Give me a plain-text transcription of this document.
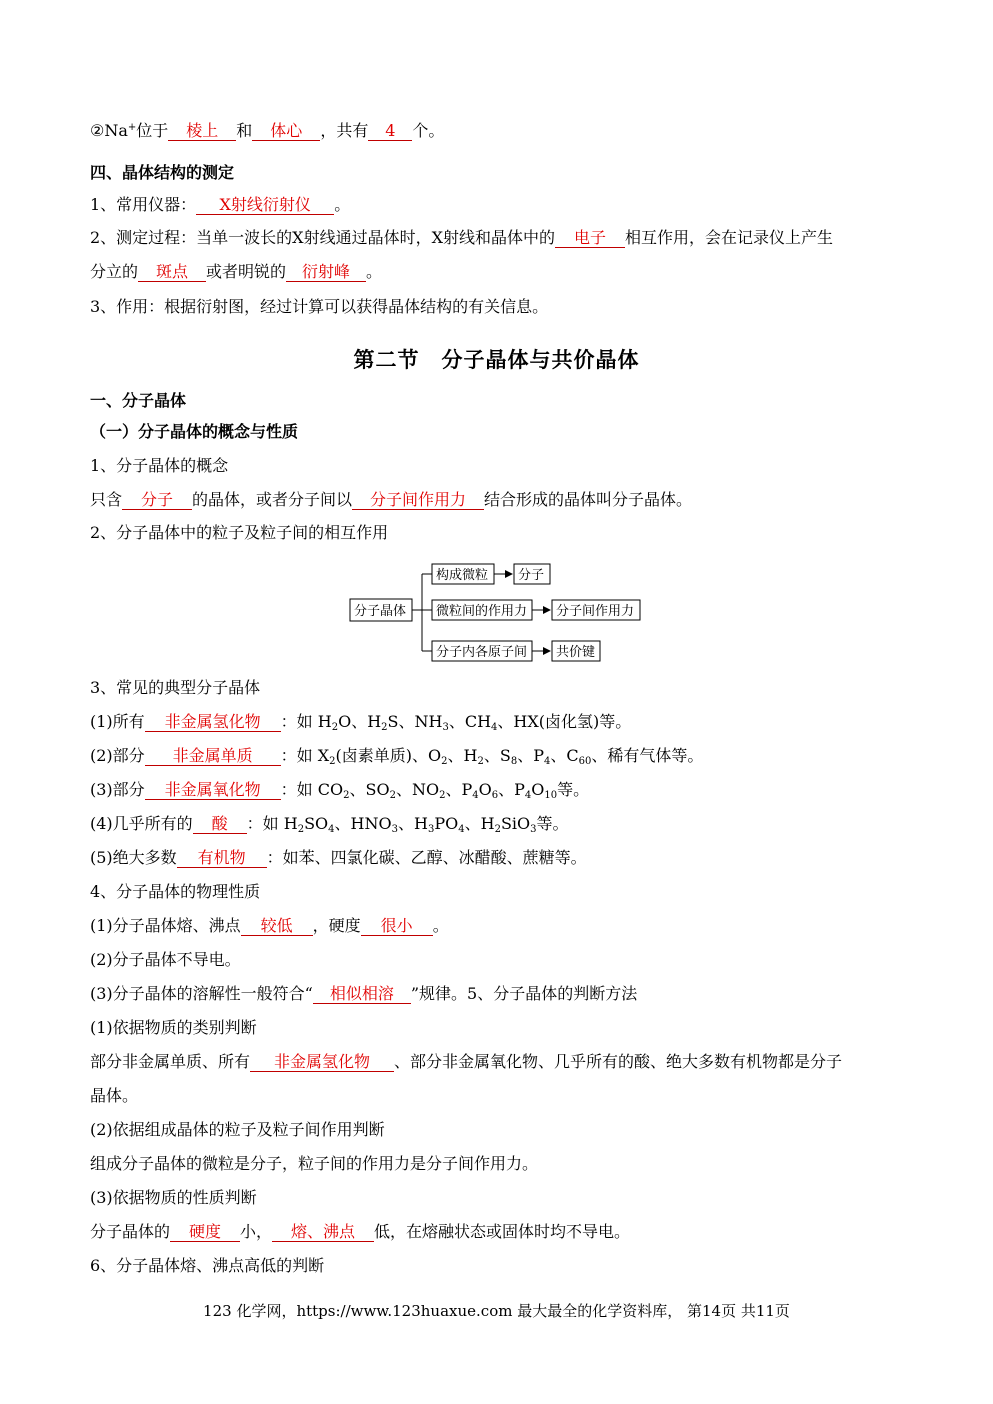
②Na+位于 棱上 和 体心 ，共有 4 个。
四、晶体结构的测定
1、常用仪器： X射线衍射仪 。
2、测定过程：当单一波长的X射线通过晶体时，X射线和晶体中的 电子 相互作用，会在记录仪上产生
分立的 斑点 或者明锐的 衍射峰 。
3、作用：根据衍射图，经过计算可以获得晶体结构的有关信息。
第二节　分子晶体与共价晶体
一、分子晶体
（一）分子晶体的概念与性质
1、分子晶体的概念
只含 分子 的晶体，或者分子间以 分子间作用力 结合形成的晶体叫分子晶体。
2、分子晶体中的粒子及粒子间的相互作用
分子晶体
构成微粒 分子
微粒间的作用力 分子间作用力
分子内各原子间 共价键
3、常见的典型分子晶体
(1)所有 非金属氢化物 ：如 $H_2O$、$H_2S$、$NH_3$、$CH_4$、HX(卤化氢)等。
(2)部分 非金属单质 ：如 $X_2$(卤素单质)、$O_2$、$H_2$、$S_8$、$P_4$、$C_{60}$、稀有气体等。
(3)部分 非金属氧化物 ：如 $CO_2$、$SO_2$、$NO_2$、$P_4O_6$、$P_4O_{10}$等。
(4)几乎所有的 酸 ：如 $H_2SO_4$、$HNO_3$、$H_3PO_4$、$H_2SiO_3$等。
(5)绝大多数 有机物 ：如苯、四氯化碳、乙醇、冰醋酸、蔗糖等。
4、分子晶体的物理性质
(1)分子晶体熔、沸点 较低 ，硬度 很小 。
(2)分子晶体不导电。
(3)分子晶体的溶解性一般符合“ 相似相溶 ”规律。5、分子晶体的判断方法
(1)依据物质的类别判断
部分非金属单质、所有 非金属氢化物 、部分非金属氧化物、几乎所有的酸、绝大多数有机物都是分子
晶体。
(2)依据组成晶体的粒子及粒子间作用判断
组成分子晶体的微粒是分子，粒子间的作用力是分子间作用力。
(3)依据物质的性质判断
分子晶体的 硬度 小， 熔、沸点 低，在熔融状态或固体时均不导电。
6、分子晶体熔、沸点高低的判断
123 化学网，https://www.123huaxue.com 最大最全的化学资料库， 第14页 共11页
